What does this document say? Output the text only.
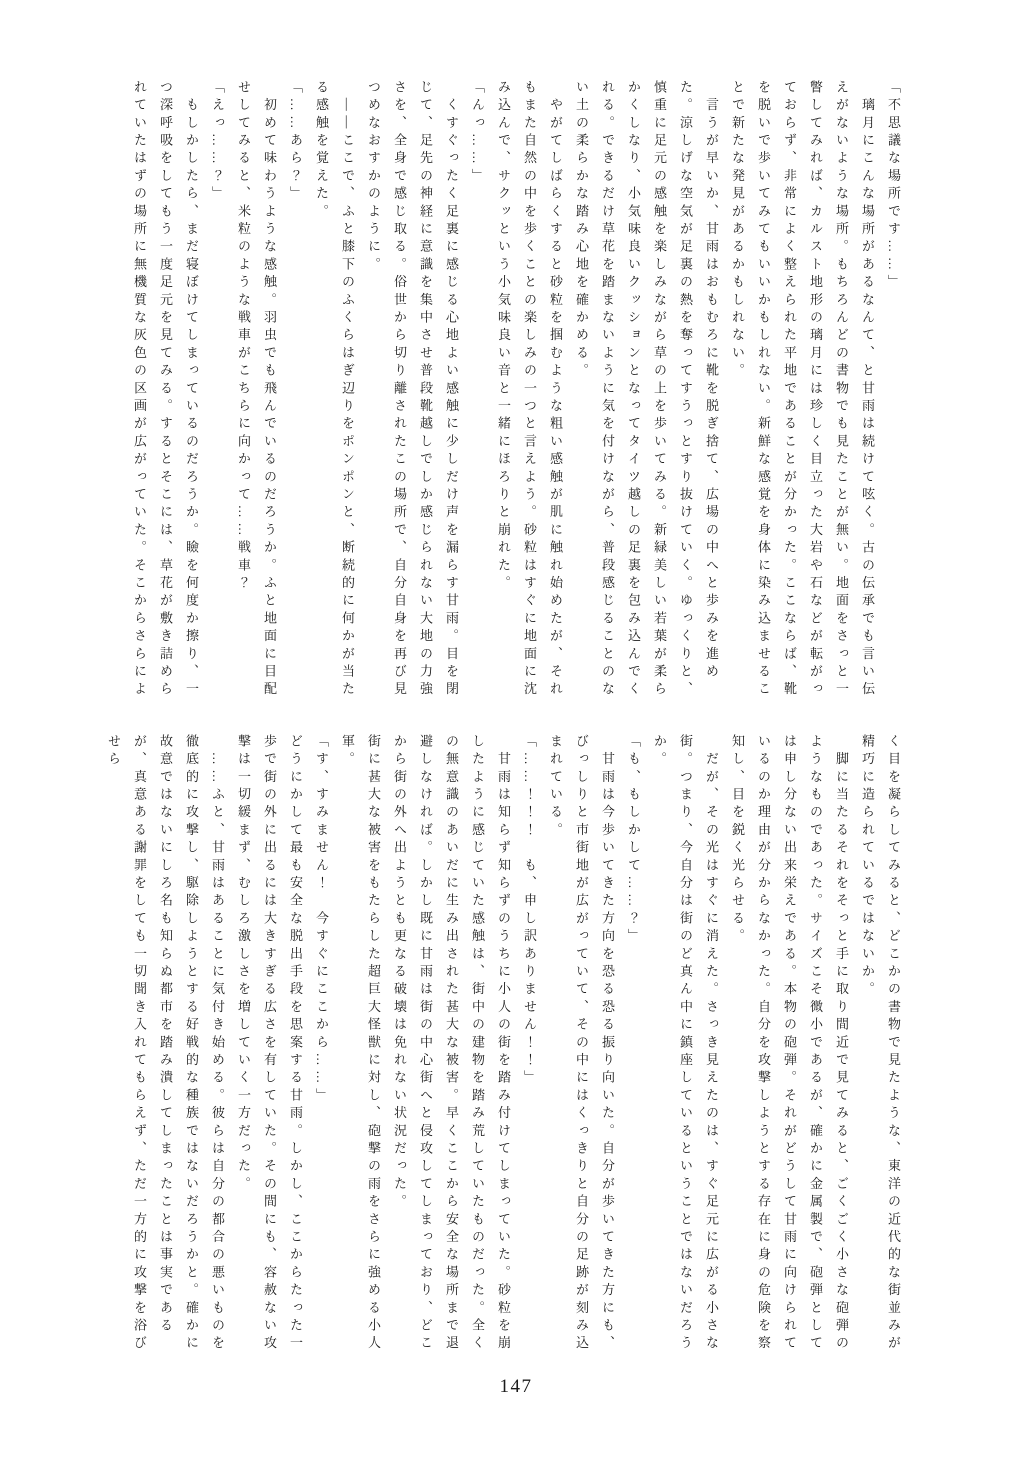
「不思議な場所です……」

　璃月にこんな場所があるなんて、と甘雨は続けて呟く。古の伝承でも言い伝えがないような場所。もちろんどの書物でも見たことが無い。地面をさっと一瞥してみれば、カルスト地形の璃月には珍しく目立った大岩や石などが転がっておらず、非常によく整えられた平地であることが分かった。ここならば、靴を脱いで歩いてみてもいいかもしれない。新鮮な感覚を身体に染み込ませることで新たな発見があるかもしれない。

　言うが早いか、甘雨はおもむろに靴を脱ぎ捨て、広場の中へと歩みを進めた。涼しげな空気が足裏の熱を奪ってすうっとすり抜けていく。ゆっくりと、慎重に足元の感触を楽しみながら草の上を歩いてみる。新緑美しい若葉が柔らかくしなり、小気味良いクッションとなってタイツ越しの足裏を包み込んでくれる。できるだけ草花を踏まないように気を付けながら、普段感じることのない土の柔らかな踏み心地を確かめる。

　やがてしばらくすると砂粒を掴むような粗い感触が肌に触れ始めたが、それもまた自然の中を歩くことの楽しみの一つと言えよう。砂粒はすぐに地面に沈み込んで、サクッという小気味良い音と一緒にほろりと崩れた。

「んっ……」

　くすぐったく足裏に感じる心地よい感触に少しだけ声を漏らす甘雨。目を閉じて、足先の神経に意識を集中させ普段靴越しでしか感じられない大地の力強さを、全身で感じ取る。俗世から切り離されたこの場所で、自分自身を再び見つめなおすかのように。

　――ここで、ふと膝下のふくらはぎ辺りをポンポンと、断続的に何かが当たる感触を覚えた。

「……あら？」

　初めて味わうような感触。羽虫でも飛んでいるのだろうか。ふと地面に目配せしてみると、米粒のような戦車がこちらに向かって……戦車？

「えっ……？」

　もしかしたら、まだ寝ぼけてしまっているのだろうか。瞼を何度か擦り、一つ深呼吸をしてもう一度足元を見てみる。するとそこには、草花が敷き詰められていたはずの場所に無機質な灰色の区画が広がっていた。そこからさらによ

く目を凝らしてみると、どこかの書物で見たような、東洋の近代的な街並みが精巧に造られているではないか。

　脚に当たるそれをそっと手に取り間近で見てみると、ごくごく小さな砲弾のようなものであった。サイズこそ微小であるが、確かに金属製で、砲弾としては申し分ない出来栄えである。本物の砲弾。それがどうして甘雨に向けられているのか理由が分からなかった。自分を攻撃しようとする存在に身の危険を察知し、目を鋭く光らせる。

　だが、その光はすぐに消えた。さっき見えたのは、すぐ足元に広がる小さな街。つまり、今自分は街のど真ん中に鎮座しているということではないだろうか。

「も、もしかして……？」

　甘雨は今歩いてきた方向を恐る恐る振り向いた。自分が歩いてきた方にも、びっしりと市街地が広がっていて、その中にはくっきりと自分の足跡が刻み込まれている。

「……！！！　も、申し訳ありません！！」

　甘雨は知らず知らずのうちに小人の街を踏み付けてしまっていた。砂粒を崩したように感じていた感触は、街中の建物を踏み荒していたものだった。全くの無意識のあいだに生み出された甚大な被害。早くここから安全な場所まで退避しなければ。しかし既に甘雨は街の中心街へと侵攻してしまっており、どこから街の外へ出ようとも更なる破壊は免れない状況だった。

街に甚大な被害をもたらした超巨大怪獣に対し、砲撃の雨をさらに強める小人軍。

「す、すみません！　今すぐにここから……」

どうにかして最も安全な脱出手段を思案する甘雨。しかし、ここからたった一歩で街の外に出るには大きすぎる広さを有していた。その間にも、容赦ない攻撃は一切緩まず、むしろ激しさを増していく一方だった。

　……ふと、甘雨はあることに気付き始める。彼らは自分の都合の悪いものを徹底的に攻撃し、駆除しようとする好戦的な種族ではないだろうかと。確かに故意ではないにしろ名も知らぬ都市を踏み潰してしまったことは事実であるが、真意ある謝罪をしても一切聞き入れてもらえず、ただ一方的に攻撃を浴びせら

147
